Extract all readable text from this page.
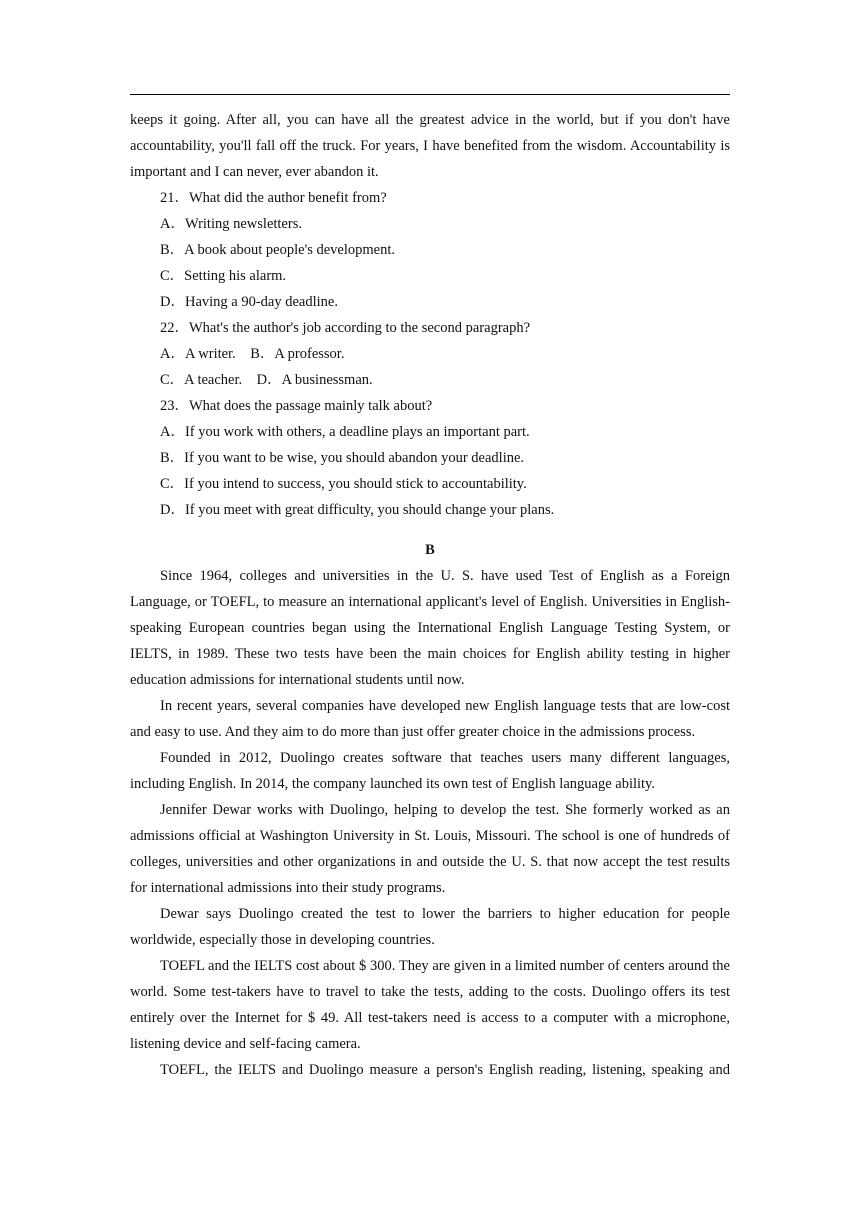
keeps it going. After all, you can have all the greatest advice in the world, but if you don't have accountability, you'll fall off the truck. For years, I have benefited from the wisdom. Accountability is important and I can never, ever abandon it.

21．What did the author benefit from?

A．Writing newsletters.

B．A book about people's development.

C．Setting his alarm.

D．Having a 90-day deadline.

22．What's the author's job according to the second paragraph?

A．A writer.    B．A professor.

C．A teacher.    D．A businessman.

23．What does the passage mainly talk about?

A．If you work with others, a deadline plays an important part.

B．If you want to be wise, you should abandon your deadline.

C．If you intend to success, you should stick to accountability.

D．If you meet with great difficulty, you should change your plans.

B

Since 1964, colleges and universities in the U. S. have used Test of English as a Foreign Language, or TOEFL, to measure an international applicant's level of English. Universities in English-speaking European countries began using the International English Language Testing System, or IELTS, in 1989. These two tests have been the main choices for English ability testing in higher education admissions for international students until now.

In recent years, several companies have developed new English language tests that are low-cost and easy to use. And they aim to do more than just offer greater choice in the admissions process.

Founded in 2012, Duolingo creates software that teaches users many different languages, including English. In 2014, the company launched its own test of English language ability.

Jennifer Dewar works with Duolingo, helping to develop the test. She formerly worked as an admissions official at Washington University in St. Louis, Missouri. The school is one of hundreds of colleges, universities and other organizations in and outside the U. S. that now accept the test results for international admissions into their study programs.

Dewar says Duolingo created the test to lower the barriers to higher education for people worldwide, especially those in developing countries.

TOEFL and the IELTS cost about $ 300. They are given in a limited number of centers around the world. Some test-takers have to travel to take the tests, adding to the costs. Duolingo offers its test entirely over the Internet for $ 49. All test-takers need is access to a computer with a microphone, listening device and self-facing camera.

TOEFL, the IELTS and Duolingo measure a person's English reading, listening, speaking and
